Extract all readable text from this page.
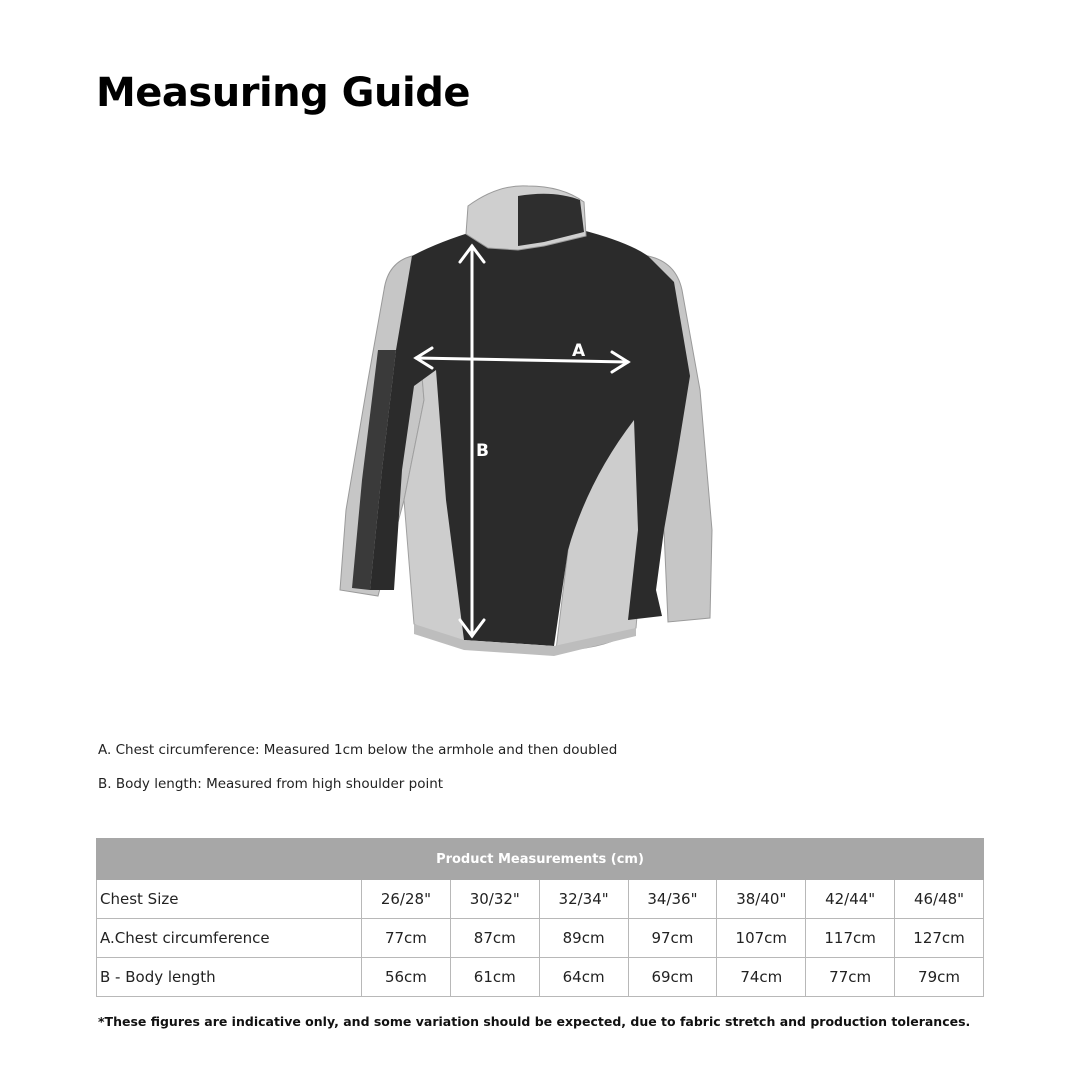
Measuring Guide
A
B
A. Chest circumference: Measured 1cm below the armhole and then doubled
B. Body length: Measured from high shoulder point
Product Measurements (cm)							
Chest Size	26/28"	30/32"	32/34"	34/36"	38/40"	42/44"	46/48"
A.Chest circumference	77cm	87cm	89cm	97cm	107cm	117cm	127cm
B - Body length	56cm	61cm	64cm	69cm	74cm	77cm	79cm
*These figures are indicative only, and some variation should be expected, due to fabric stretch and production tolerances.
